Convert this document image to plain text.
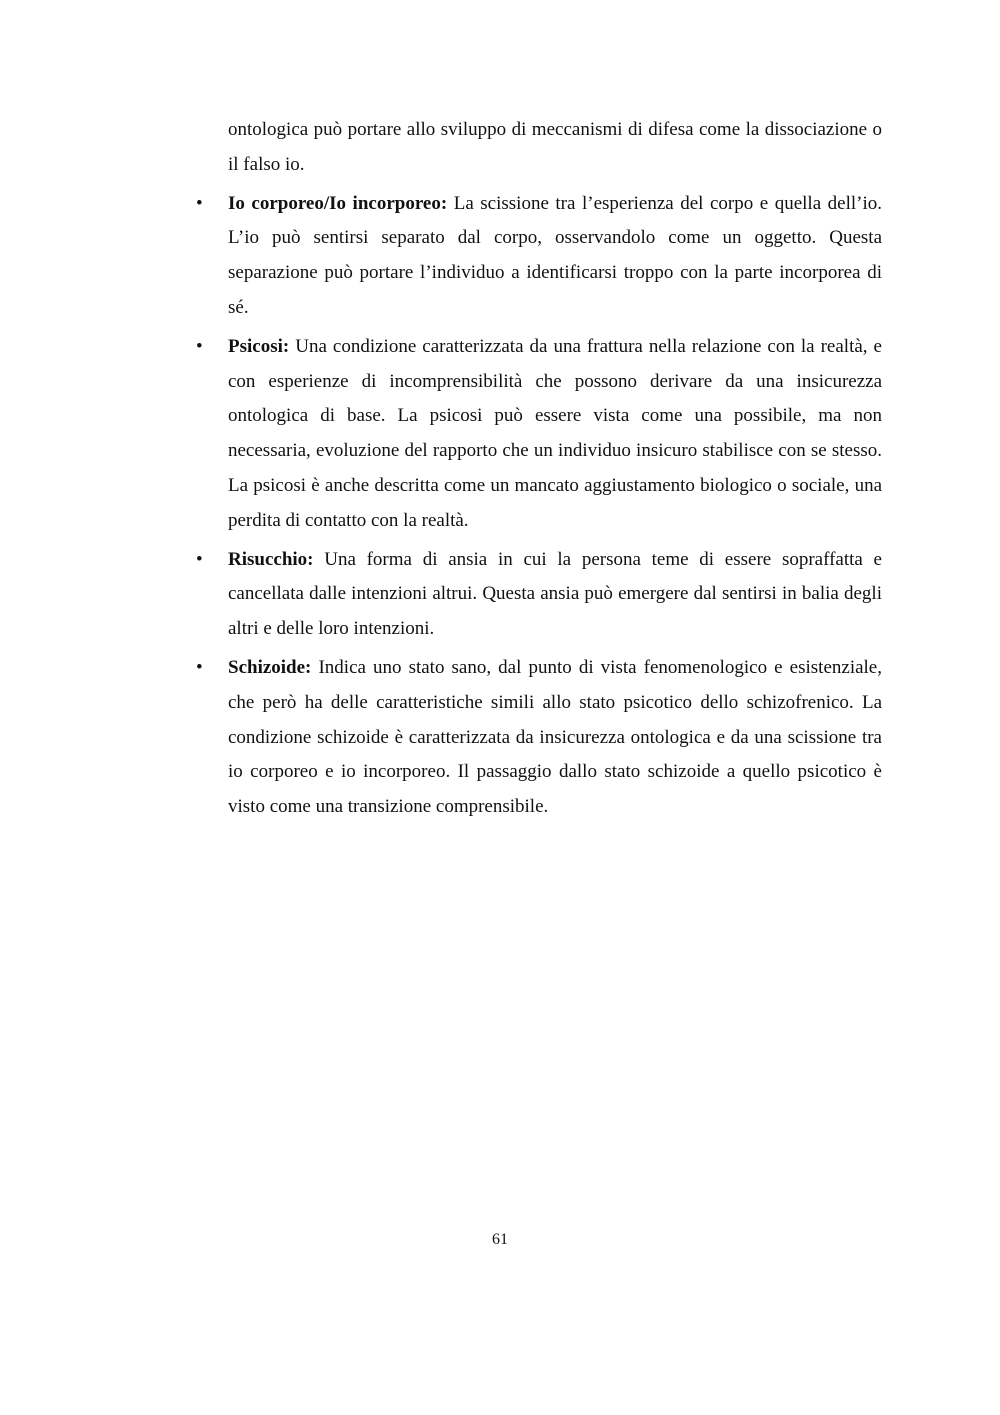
ontologica può portare allo sviluppo di meccanismi di difesa come la dissociazione o il falso io.

• Io corporeo/Io incorporeo: La scissione tra l’esperienza del corpo e quella dell’io. L’io può sentirsi separato dal corpo, osservandolo come un oggetto. Questa separazione può portare l’individuo a identificarsi troppo con la parte incorporea di sé.
• Psicosi: Una condizione caratterizzata da una frattura nella relazione con la realtà, e con esperienze di incomprensibilità che possono derivare da una insicurezza ontologica di base. La psicosi può essere vista come una possibile, ma non necessaria, evoluzione del rapporto che un individuo insicuro stabilisce con se stesso. La psicosi è anche descritta come un mancato aggiustamento biologico o sociale, una perdita di contatto con la realtà.
• Risucchio: Una forma di ansia in cui la persona teme di essere sopraffatta e cancellata dalle intenzioni altrui. Questa ansia può emergere dal sentirsi in balia degli altri e delle loro intenzioni.
• Schizoide: Indica uno stato sano, dal punto di vista fenomenologico e esistenziale, che però ha delle caratteristiche simili allo stato psicotico dello schizofrenico. La condizione schizoide è caratterizzata da insicurezza ontologica e da una scissione tra io corporeo e io incorporeo. Il passaggio dallo stato schizoide a quello psicotico è visto come una transizione comprensibile.
61
